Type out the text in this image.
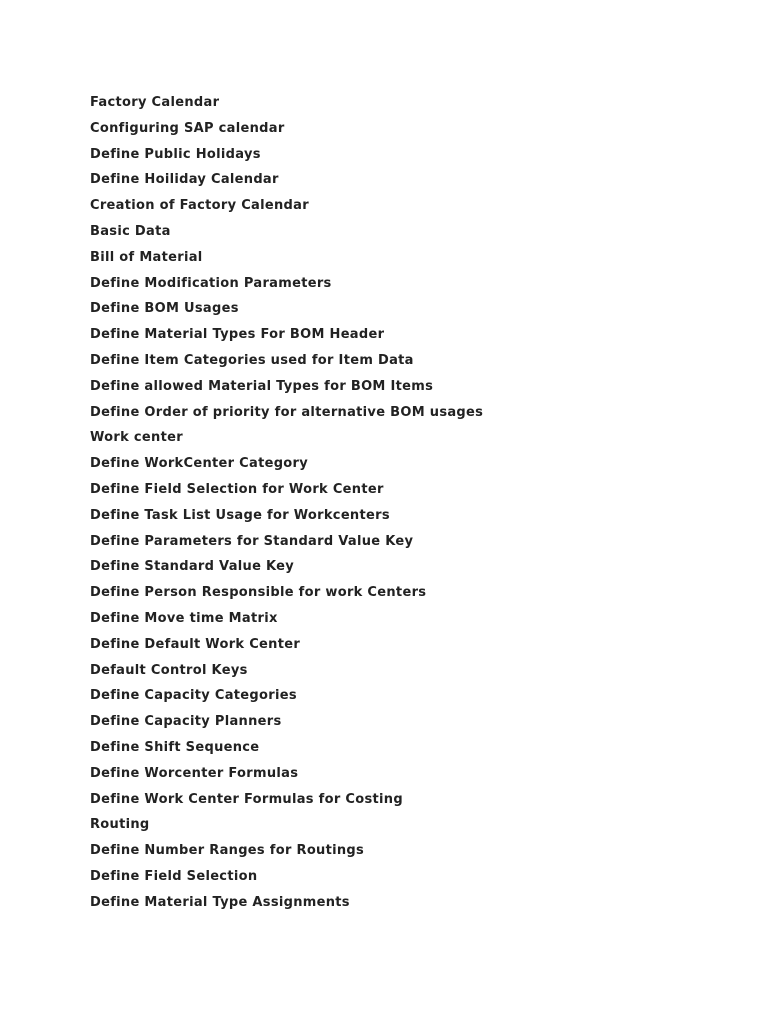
Factory Calendar
Configuring SAP calendar
Define Public Holidays
Define Hoiliday Calendar
Creation of Factory Calendar
Basic Data
Bill of Material
Define Modification Parameters
Define BOM Usages
Define Material Types For BOM Header
Define Item Categories used for Item Data
Define allowed Material Types for BOM Items
Define Order of priority for alternative BOM usages
Work center
Define WorkCenter Category
Define Field Selection for Work Center
Define Task List Usage for Workcenters
Define Parameters for Standard Value Key
Define Standard Value Key
Define Person Responsible for work Centers
Define Move time Matrix
Define Default Work Center
Default Control Keys
Define Capacity Categories
Define Capacity Planners
Define Shift Sequence
Define Worcenter Formulas
Define Work Center Formulas for Costing
Routing
Define Number Ranges for Routings
Define Field Selection
Define Material Type Assignments
